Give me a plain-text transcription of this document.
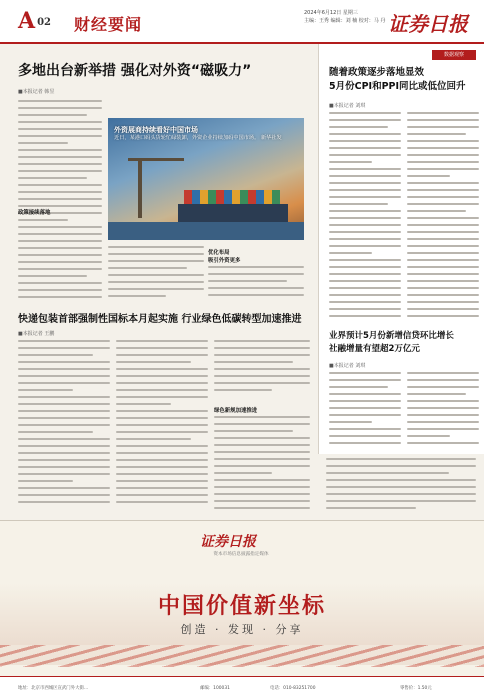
A 02 财经要闻
2024年6月12日 星期三
主编：王秀 编辑：刘 楠 校对：马 丹 证券日报
多地出台新举措 强化对外资“磁吸力”
■本报记者 韩昱
外资展商持续看好中国市场
近日，某港口码头货轮忙碌装卸，外资企业持续加码中国市场。 新华社发
政策接续落地
优化布局
吸引外资更多
快递包装首部强制性国标本月起实施 行业绿色低碳转型加速推进
■本报记者 王鹏
绿色新规加速推进
数据观察
随着政策逐步落地显效
5月份CPI和PPI同比或低位回升
■本报记者 刘琪
业界预计5月份新增信贷环比增长
社融增量有望超2万亿元
■本报记者 刘琪
证券日报
资本市场信息披露指定媒体
中国价值新坐标
创造 · 发现 · 分享
地址：北京市西城区宣武门外大街…	邮编：100031	电话：010-83251700	零售价：1.50元
